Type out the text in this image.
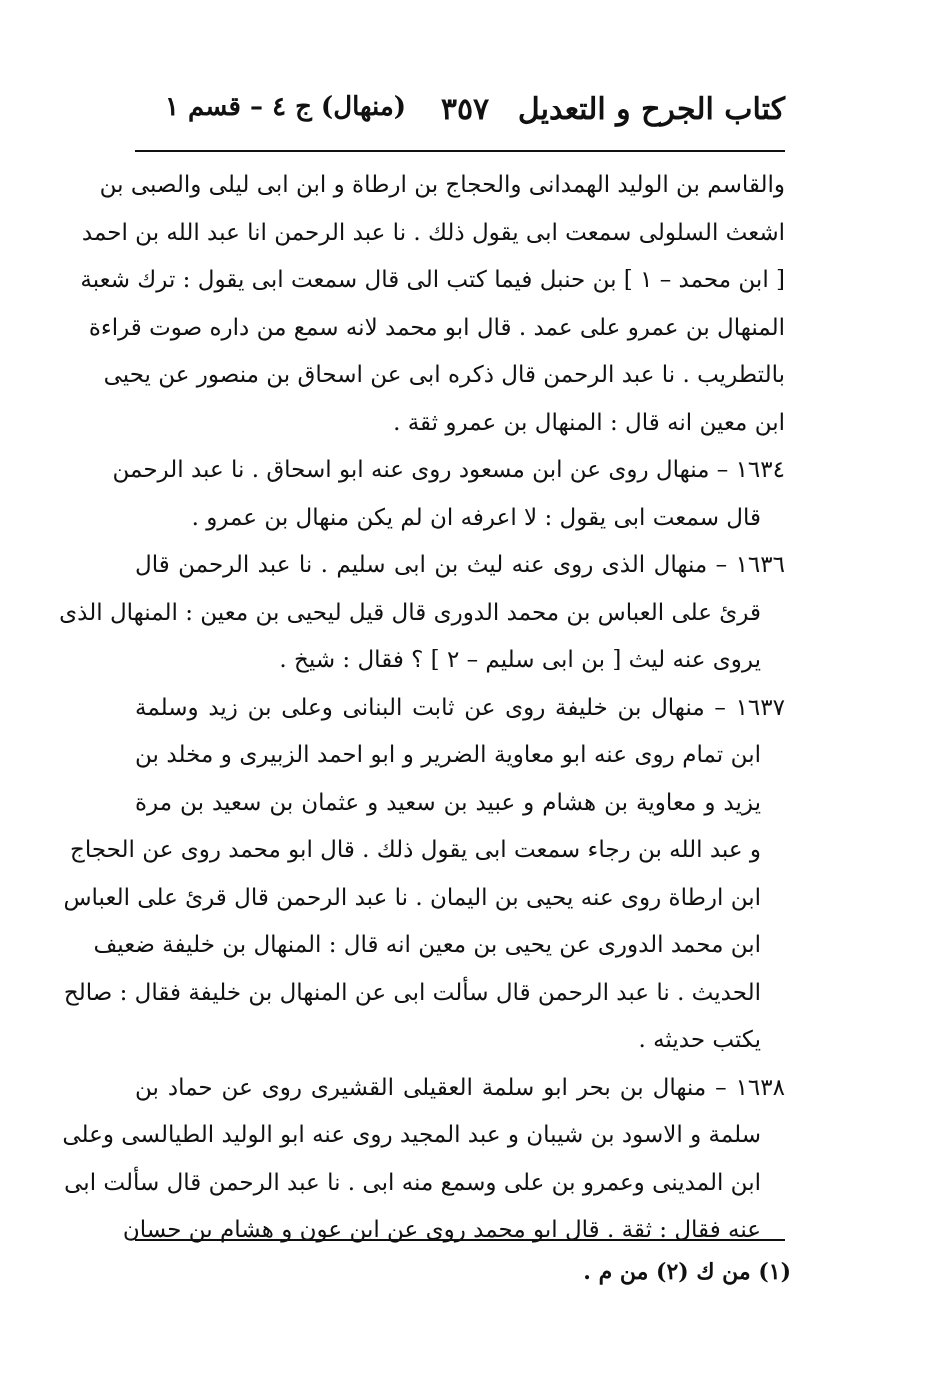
كتاب الجرح و التعديل
٣٥٧
(منهال) ج ٤ – قسم ١
والقاسم بن الوليد الهمدانى والحجاج بن ارطاة و ابن ابى ليلى والصبى بن
اشعث السلولى سمعت ابى يقول ذلك . نا عبد الرحمن انا عبد الله بن احمد
[ ابن محمد – ١ ] بن حنبل فيما كتب الى قال سمعت ابى يقول : ترك شعبة
المنهال بن عمرو على عمد . قال ابو محمد لانه سمع من داره صوت قراءة
بالتطريب . نا عبد الرحمن قال ذكره ابى عن اسحاق بن منصور عن يحيى
ابن معين انه قال : المنهال بن عمرو ثقة .
١٦٣٤ – منهال روى عن ابن مسعود روى عنه ابو اسحاق . نا عبد الرحمن
قال سمعت ابى يقول : لا اعرفه ان لم يكن منهال بن عمرو .
١٦٣٦ – منهال الذى روى عنه ليث بن ابى سليم . نا عبد الرحمن قال
قرئ على العباس بن محمد الدورى قال قيل ليحيى بن معين : المنهال الذى
يروى عنه ليث [ بن ابى سليم – ٢ ] ؟ فقال : شيخ .
١٦٣٧ – منهال بن خليفة روى عن ثابت البنانى وعلى بن زيد وسلمة
ابن تمام روى عنه ابو معاوية الضرير و ابو احمد الزبيرى و مخلد بن
يزيد و معاوية بن هشام و عبيد بن سعيد و عثمان بن سعيد بن مرة
و عبد الله بن رجاء سمعت ابى يقول ذلك . قال ابو محمد روى عن الحجاج
ابن ارطاة روى عنه يحيى بن اليمان . نا عبد الرحمن قال قرئ على العباس
ابن محمد الدورى عن يحيى بن معين انه قال : المنهال بن خليفة ضعيف
الحديث . نا عبد الرحمن قال سألت ابى عن المنهال بن خليفة فقال : صالح
يكتب حديثه .
١٦٣٨ – منهال بن بحر ابو سلمة العقيلى القشيرى روى عن حماد بن
سلمة و الاسود بن شيبان و عبد المجيد روى عنه ابو الوليد الطيالسى وعلى
ابن المدينى وعمرو بن على وسمع منه ابى . نا عبد الرحمن قال سألت ابى
عنه فقال : ثقة . قال ابو محمد روى عن ابن عون و هشام بن حسان
(١) من ك (٢) من م .
